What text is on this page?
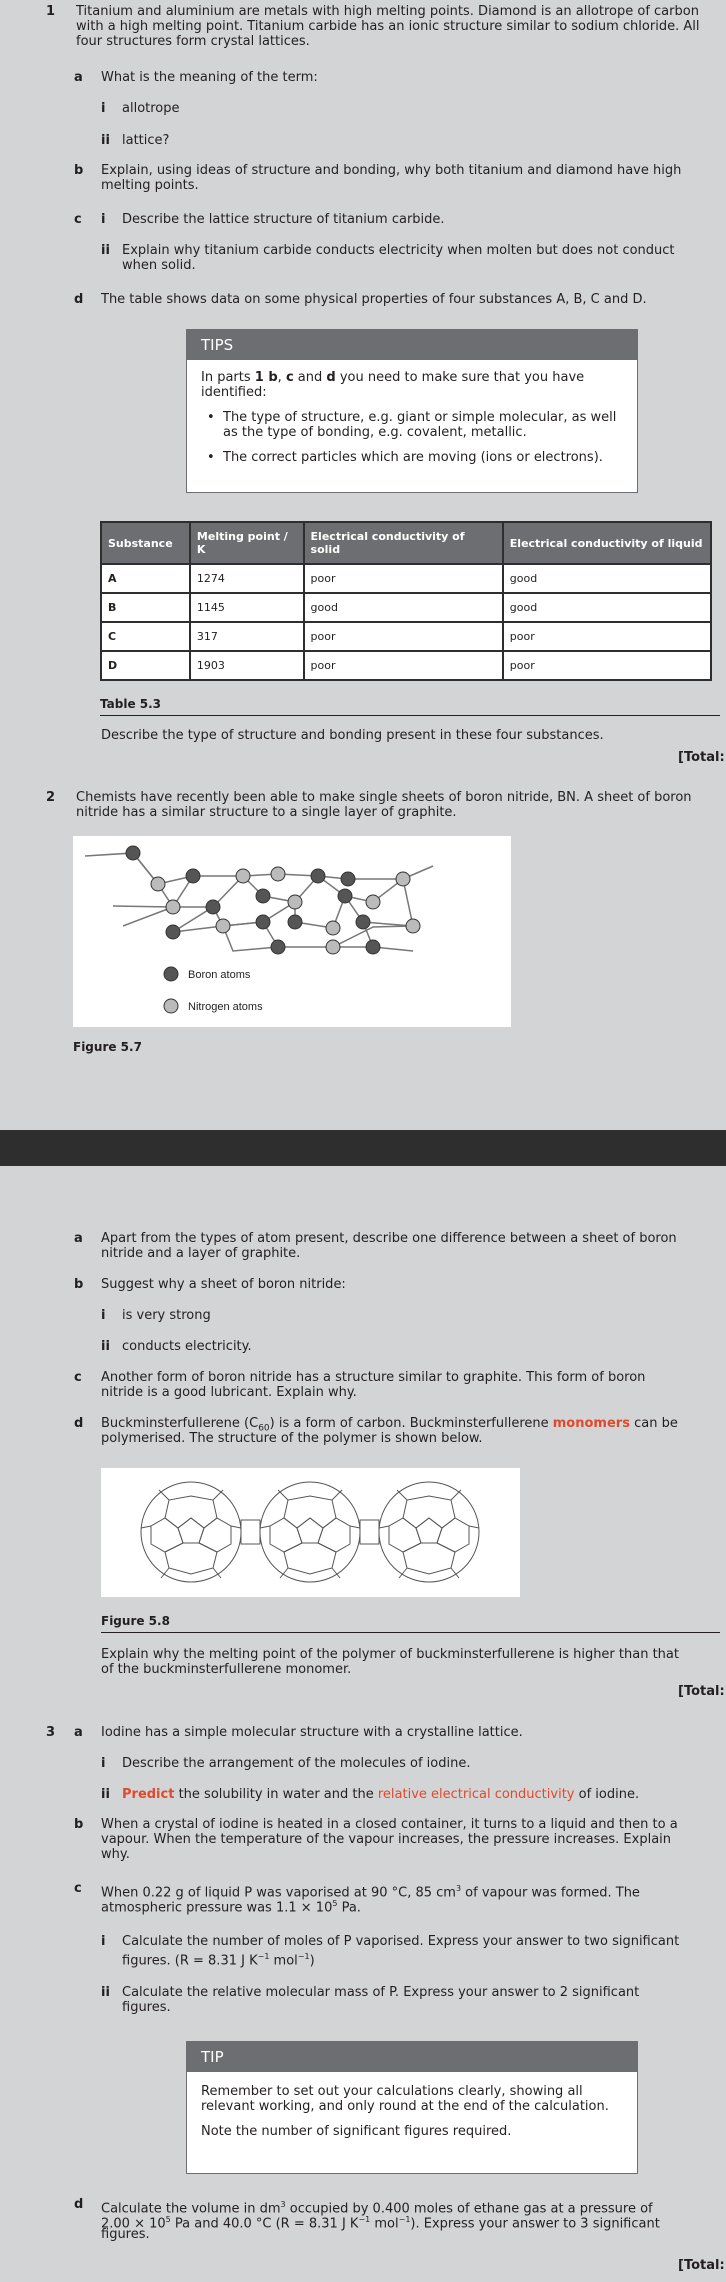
1 Titanium and aluminium are metals with high melting points. Diamond is an allotrope of carbon
with a high melting point. Titanium carbide has an ionic structure similar to sodium chloride. All
four structures form crystal lattices.
a What is the meaning of the term:
i allotrope
ii lattice?
b Explain, using ideas of structure and bonding, why both titanium and diamond have high
melting points.
c i Describe the lattice structure of titanium carbide.
ii Explain why titanium carbide conducts electricity when molten but does not conduct
when solid.
d The table shows data on some physical properties of four substances A, B, C and D.
TIPS
In parts 1 b, c and d you need to make sure that you have identified:
• The type of structure, e.g. giant or simple molecular, as well as the type of bonding, e.g. covalent, metallic.
• The correct particles which are moving (ions or electrons).
Substance	Melting point / K	Electrical conductivity of solid	Electrical conductivity of liquid
A	1274	poor	good
B	1145	good	good
C	317	poor	poor
D	1903	poor	poor
Table 5.3
Describe the type of structure and bonding present in these four substances.
[Total:
2 Chemists have recently been able to make single sheets of boron nitride, BN. A sheet of boron
nitride has a similar structure to a single layer of graphite.
Boron atoms
Nitrogen atoms
Figure 5.7
a Apart from the types of atom present, describe one difference between a sheet of boron
nitride and a layer of graphite.
b Suggest why a sheet of boron nitride:
i is very strong
ii conducts electricity.
c Another form of boron nitride has a structure similar to graphite. This form of boron
nitride is a good lubricant. Explain why.
d Buckminsterfullerene $(C_{60})$ is a form of carbon. Buckminsterfullerene monomers can be
polymerised. The structure of the polymer is shown below.
Figure 5.8
Explain why the melting point of the polymer of buckminsterfullerene is higher than that
of the buckminsterfullerene monomer.
[Total:
3 a Iodine has a simple molecular structure with a crystalline lattice.
i Describe the arrangement of the molecules of iodine.
ii Predict the solubility in water and the relative electrical conductivity of iodine.
b When a crystal of iodine is heated in a closed container, it turns to a liquid and then to a
vapour. When the temperature of the vapour increases, the pressure increases. Explain
why.
c When 0.22 g of liquid P was vaporised at 90 °C, 85 $cm^3$ of vapour was formed. The
atmospheric pressure was $1.1 \times 10^5$ Pa.
i Calculate the number of moles of P vaporised. Express your answer to two significant
figures. (R = 8.31 J $K^{-1}$ mol$^{-1}$)
ii Calculate the relative molecular mass of P. Express your answer to 2 significant
figures.
TIP
Remember to set out your calculations clearly, showing all relevant working, and only round at the end of the calculation.
Note the number of significant figures required.
d Calculate the volume in $dm^3$ occupied by 0.400 moles of ethane gas at a pressure of
$2.00 \times 10^5$ Pa and 40.0 °C (R = 8.31 J $K^{-1}$ mol$^{-1}$). Express your answer to 3 significant
figures.
[Total:
